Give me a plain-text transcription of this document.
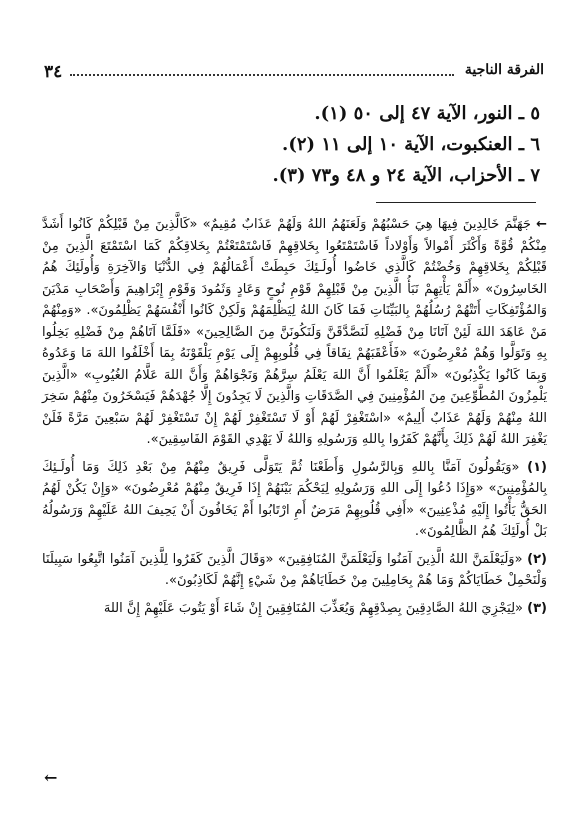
٣٤	الفرقة الناجية
٥ ـ النور، الآية ٤٧ إلى ٥٠ (١).
٦ ـ العنكبوت، الآية ١٠ إلى ١١ (٢).
٧ ـ الأحزاب، الآية ٢٤ و ٤٨ و٧٣ (٣).

← جَهَنَّمَ خَالِدِينَ فِيهَا هِيَ حَسْبُهُمْ وَلَعَنَهُمُ اللهُ وَلَهُمْ عَذَابٌ مُقِيمٌ» «كَالَّذِينَ مِنْ قَبْلِكُمْ كَانُوا أَشَدَّ مِنْكُمْ قُوَّةً وَأَكْثَرَ أَمْوالاً وَأَوْلاداً فَاسْتَمْتَعُوا بِخَلاقِهِمْ فَاسْتَمْتَعْتُمْ بِخَلاقِكُمْ كَمَا اسْتَمْتَعَ الَّذِينَ مِنْ قَبْلِكُمْ بِخَلاقِهِمْ وَخُضْتُمْ كَالَّذِي خَاضُوا أُولَـئِكَ حَبِطَتْ أَعْمَالُهُمْ فِي الدُّنْيَا وَالآخِرَةِ وَأُولَئِكَ هُمُ الخَاسِرُونَ» «أَلَمْ يَأْتِهِمْ نَبَأُ الَّذِينَ مِنْ قَبْلِهِمْ قَوْمِ نُوحٍ وَعَادٍ وَثَمُودَ وَقَوْمِ إِبْرَاهِيمَ وَأَصْحَابِ مَدْيَنَ وَالمُؤْتَفِكَاتِ أَتَتْهُمْ رُسُلُهُمْ بِالبَيِّنَاتِ فَمَا كَانَ اللهُ لِيَظْلِمَهُمْ وَلَكِنْ كَانُوا أَنْفُسَهُمْ يَظْلِمُونَ». «وَمِنْهُمْ مَنْ عَاهَدَ اللهَ لَئِنْ آتَانَا مِنْ فَضْلِهِ لَنَصَّدَّقَنَّ وَلَنَكُونَنَّ مِنَ الصَّالِحِينَ» «فَلَمَّا آتَاهُمْ مِنْ فَضْلِهِ بَخِلُوا بِهِ وَتَوَلَّوا وَهُمْ مُعْرِضُونَ» «فَأَعْقَبَهُمْ نِفَاقاً فِي قُلُوبِهِمْ إِلَى يَوْمِ يَلْقَوْنَهُ بِمَا أَخْلَفُوا اللهَ مَا وَعَدُوهُ وَبِمَا كَانُوا يَكْذِبُونَ» «أَلَمْ يَعْلَمُوا أَنَّ اللهَ يَعْلَمُ سِرَّهُمْ وَنَجْوَاهُمْ وَأَنَّ اللهَ عَلَّامُ الغُيُوبِ» «الَّذِينَ يَلْمِزُونَ المُطَّوِّعِينَ مِنَ المُؤْمِنِينَ فِي الصَّدَقَاتِ وَالَّذِينَ لَا يَجِدُونَ إِلَّا جُهْدَهُمْ فَيَسْخَرُونَ مِنْهُمْ سَخِرَ اللهُ مِنْهُمْ وَلَهُمْ عَذَابٌ أَلِيمٌ» «اسْتَغْفِرْ لَهُمْ أَوْ لَا تَسْتَغْفِرْ لَهُمْ إِنْ تَسْتَغْفِرْ لَهُمْ سَبْعِينَ مَرَّةً فَلَنْ يَغْفِرَ اللهُ لَهُمْ ذَلِكَ بِأَنَّهُمْ كَفَرُوا بِاللهِ وَرَسُولِهِ وَاللهُ لَا يَهْدِي القَوْمَ الفَاسِقِينَ».

(١) «وَيَقُولُونَ آمَنَّا بِاللهِ وَبِالرَّسُولِ وَأَطَعْنَا ثُمَّ يَتَوَلَّى فَرِيقٌ مِنْهُمْ مِنْ بَعْدِ ذَلِكَ وَمَا أُولَـئِكَ بِالمُؤْمِنِينَ» «وَإِذَا دُعُوا إِلَى اللهِ وَرَسُولِهِ لِيَحْكُمَ بَيْنَهُمْ إِذَا فَرِيقٌ مِنْهُمْ مُعْرِضُونَ» «وَإِنْ يَكُنْ لَهُمُ الحَقُّ يَأْتُوا إِلَيْهِ مُذْعِنِينَ» «أَفِي قُلُوبِهِمْ مَرَضٌ أَمِ ارْتَابُوا أَمْ يَخَافُونَ أَنْ يَحِيفَ اللهُ عَلَيْهِمْ وَرَسُولُهُ بَلْ أُولَئِكَ هُمُ الظَّالِمُونَ».

(٢) «وَلَيَعْلَمَنَّ اللهُ الَّذِينَ آمَنُوا وَلَيَعْلَمَنَّ المُنَافِقِينَ» «وَقَالَ الَّذِينَ كَفَرُوا لِلَّذِينَ آمَنُوا اتَّبِعُوا سَبِيلَنَا وَلْنَحْمِلْ خَطَايَاكُمْ وَمَا هُمْ بِحَامِلِينَ مِنْ خَطَايَاهُمْ مِنْ شَيْءٍ إِنَّهُمْ لَكَاذِبُونَ».

(٣) «لِيَجْزِيَ اللهُ الصَّادِقِينَ بِصِدْقِهِمْ وَيُعَذِّبَ المُنَافِقِينَ إِنْ شَاءَ أَوْ يَتُوبَ عَلَيْهِمْ إِنَّ اللهَ

←
